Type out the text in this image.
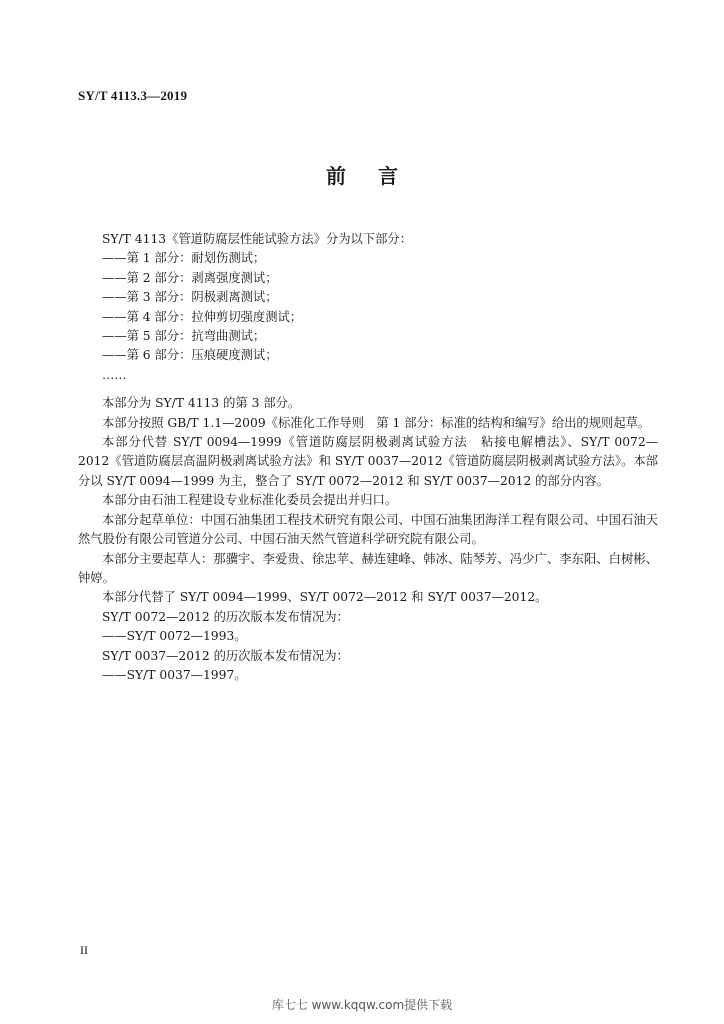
SY/T 4113.3—2019
前言

SY/T 4113《管道防腐层性能试验方法》分为以下部分：

——第 1 部分：耐划伤测试；

——第 2 部分：剥离强度测试；

——第 3 部分：阴极剥离测试；

——第 4 部分：拉伸剪切强度测试；

——第 5 部分：抗弯曲测试；

——第 6 部分：压痕硬度测试；

……

本部分为 SY/T 4113 的第 3 部分。

本部分按照 GB/T 1.1—2009《标准化工作导则　第 1 部分：标准的结构和编写》给出的规则起草。

本部分代替 SY/T 0094—1999《管道防腐层阴极剥离试验方法　粘接电解槽法》、SY/T 0072—2012《管道防腐层高温阴极剥离试验方法》和 SY/T 0037—2012《管道防腐层阴极剥离试验方法》。本部分以 SY/T 0094—1999 为主，整合了 SY/T 0072—2012 和 SY/T 0037—2012 的部分内容。

本部分由石油工程建设专业标准化委员会提出并归口。

本部分起草单位：中国石油集团工程技术研究有限公司、中国石油集团海洋工程有限公司、中国石油天然气股份有限公司管道分公司、中国石油天然气管道科学研究院有限公司。

本部分主要起草人：那骥宇、李爱贵、徐忠苹、赫连建峰、韩冰、陆琴芳、冯少广、李东阳、白树彬、钟婷。

本部分代替了 SY/T 0094—1999、SY/T 0072—2012 和 SY/T 0037—2012。

SY/T 0072—2012 的历次版本发布情况为：

——SY/T 0072—1993。

SY/T 0037—2012 的历次版本发布情况为：

——SY/T 0037—1997。

II
库七七 www.kqqw.com提供下载
